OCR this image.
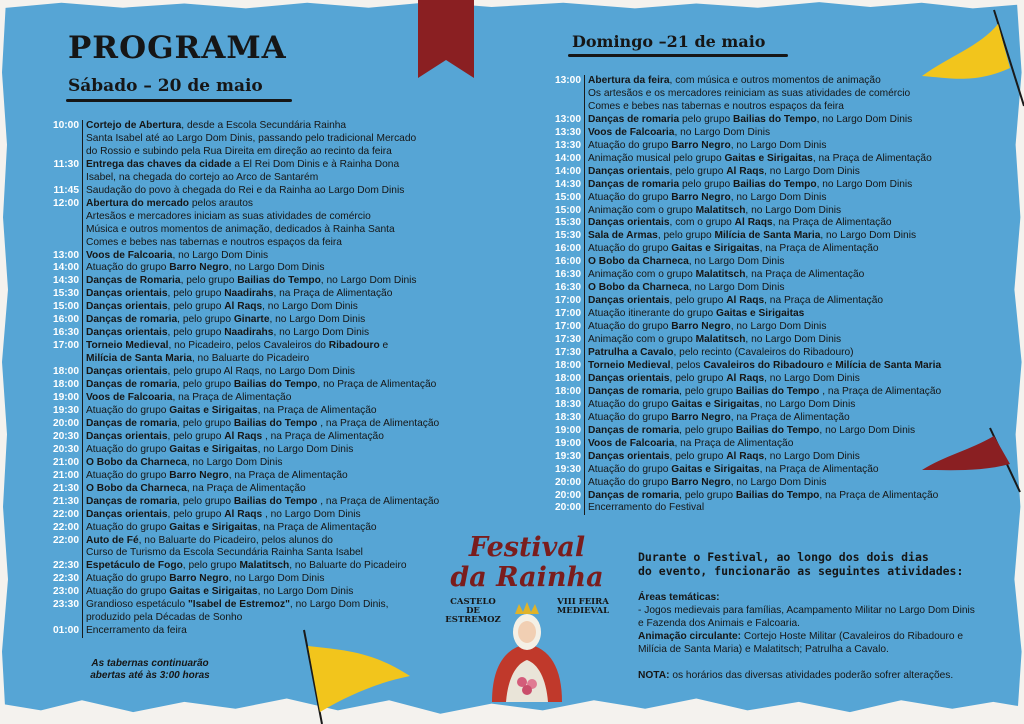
PROGRAMA
Sábado – 20 de maio
Domingo –21 de maio
10:00 Cortejo de Abertura, desde a Escola Secundária Rainha
Santa Isabel até ao Largo Dom Dinis, passando pelo tradicional Mercado
do Rossio e subindo pela Rua Direita em direção ao recinto da feira
11:30 Entrega das chaves da cidade a El Rei Dom Dinis e à Rainha Dona
Isabel, na chegada do cortejo ao Arco de Santarém
11:45 Saudação do povo à chegada do Rei e da Rainha ao Largo Dom Dinis
12:00 Abertura do mercado pelos arautos
Artesãos e mercadores iniciam as suas atividades de comércio
Música e outros momentos de animação, dedicados à Rainha Santa
Comes e bebes nas tabernas e noutros espaços da feira
13:00 Voos de Falcoaria, no Largo Dom Dinis
14:00 Atuação do grupo Barro Negro, no Largo Dom Dinis
14:30 Danças de Romaria, pelo grupo Bailias do Tempo, no Largo Dom Dinis
15:30 Danças orientais, pelo grupo Naadirahs, na Praça de Alimentação
15:00 Danças orientais, pelo grupo Al Raqs, no Largo Dom Dinis
16:00 Danças de romaria, pelo grupo Ginarte, no Largo Dom Dinis
16:30 Danças orientais, pelo grupo Naadirahs, no Largo Dom Dinis
17:00 Torneio Medieval, no Picadeiro, pelos Cavaleiros do Ribadouro e
Milícia de Santa Maria, no Baluarte do Picadeiro
18:00 Danças orientais, pelo grupo Al Raqs, no Largo Dom Dinis
18:00 Danças de romaria, pelo grupo Bailias do Tempo, no Praça de Alimentação
19:00 Voos de Falcoaria, na Praça de Alimentação
19:30 Atuação do grupo Gaitas e Sirigaitas, na Praça de Alimentação
20:00 Danças de romaria, pelo grupo Bailias do Tempo , na Praça de Alimentação
20:30 Danças orientais, pelo grupo Al Raqs , na Praça de Alimentação
20:30 Atuação do grupo Gaitas e Sirigaitas, no Largo Dom Dinis
21:00 O Bobo da Charneca, no Largo Dom Dinis
21:00 Atuação do grupo Barro Negro, na Praça de Alimentação
21:30 O Bobo da Charneca, na Praça de Alimentação
21:30 Danças de romaria, pelo grupo Bailias do Tempo , na Praça de Alimentação
22:00 Danças orientais, pelo grupo Al Raqs , no Largo Dom Dinis
22:00 Atuação do grupo Gaitas e Sirigaitas, na Praça de Alimentação
22:00 Auto de Fé, no Baluarte do Picadeiro, pelos alunos do
Curso de Turismo da Escola Secundária Rainha Santa Isabel
22:30 Espetáculo de Fogo, pelo grupo Malatitsch, no Baluarte do Picadeiro
22:30 Atuação do grupo Barro Negro, no Largo Dom Dinis
23:00 Atuação do grupo Gaitas e Sirigaitas, no Largo Dom Dinis
23:30 Grandioso espetáculo "Isabel de Estremoz", no Largo Dom Dinis,
produzido pela Décadas de Sonho
01:00 Encerramento da feira
13:00 Abertura da feira, com música e outros momentos de animação
Os artesãos e os mercadores reiniciam as suas atividades de comércio
Comes e bebes nas tabernas e noutros espaços da feira
13:00 Danças de romaria pelo grupo Bailias do Tempo, no Largo Dom Dinis
13:30 Voos de Falcoaria, no Largo Dom Dinis
13:30 Atuação do grupo Barro Negro, no Largo Dom Dinis
14:00 Animação musical pelo grupo Gaitas e Sirigaitas, na Praça de Alimentação
14:00 Danças orientais, pelo grupo Al Raqs, no Largo Dom Dinis
14:30 Danças de romaria pelo grupo Bailias do Tempo, no Largo Dom Dinis
15:00 Atuação do grupo Barro Negro, no Largo Dom Dinis
15:00 Animação com o grupo Malatitsch, no Largo Dom Dinis
15:30 Danças orientais, com o grupo Al Raqs, na Praça de Alimentação
15:30 Sala de Armas, pelo grupo Milícia de Santa Maria, no Largo Dom Dinis
16:00 Atuação do grupo Gaitas e Sirigaitas, na Praça de Alimentação
16:00 O Bobo da Charneca, no Largo Dom Dinis
16:30 Animação com o grupo Malatitsch, na Praça de Alimentação
16:30 O Bobo da Charneca, no Largo Dom Dinis
17:00 Danças orientais, pelo grupo Al Raqs, na Praça de Alimentação
17:00 Atuação itinerante do grupo Gaitas e Sirigaitas
17:00 Atuação do grupo Barro Negro, no Largo Dom Dinis
17:30 Animação com o grupo Malatitsch, no Largo Dom Dinis
17:30 Patrulha a Cavalo, pelo recinto (Cavaleiros do Ribadouro)
18:00 Torneio Medieval, pelos Cavaleiros do Ribadouro e Milícia de Santa Maria
18:00 Danças orientais, pelo grupo Al Raqs, no Largo Dom Dinis
18:00 Danças de romaria, pelo grupo Bailias do Tempo , na Praça de Alimentação
18:30 Atuação do grupo Gaitas e Sirigaitas, no Largo Dom Dinis
18:30 Atuação do grupo Barro Negro, na Praça de Alimentação
19:00 Danças de romaria, pelo grupo Bailias do Tempo, no Largo Dom Dinis
19:00 Voos de Falcoaria, na Praça de Alimentação
19:30 Danças orientais, pelo grupo Al Raqs, no Largo Dom Dinis
19:30 Atuação do grupo Gaitas e Sirigaitas, na Praça de Alimentação
20:00 Atuação do grupo Barro Negro, no Largo Dom Dinis
20:00 Danças de romaria, pelo grupo Bailias do Tempo, na Praça de Alimentação
20:00 Encerramento do Festival
As tabernas continuarão
abertas até às 3:00 horas
Festival
da Rainha
CASTELO DE ESTREMOZ
VIII FEIRA MEDIEVAL
Durante o Festival, ao longo dos dois dias
do evento, funcionarão as seguintes atividades:

Áreas temáticas:

- Jogos medievais para famílias, Acampamento Militar no Largo Dom Dinis e Fazenda dos Animais e Falcoaria.

Animação circulante: Cortejo Hoste Militar (Cavaleiros do Ribadouro e Milícia de Santa Maria) e Malatitsch; Patrulha a Cavalo.

NOTA: os horários das diversas atividades poderão sofrer alterações.
